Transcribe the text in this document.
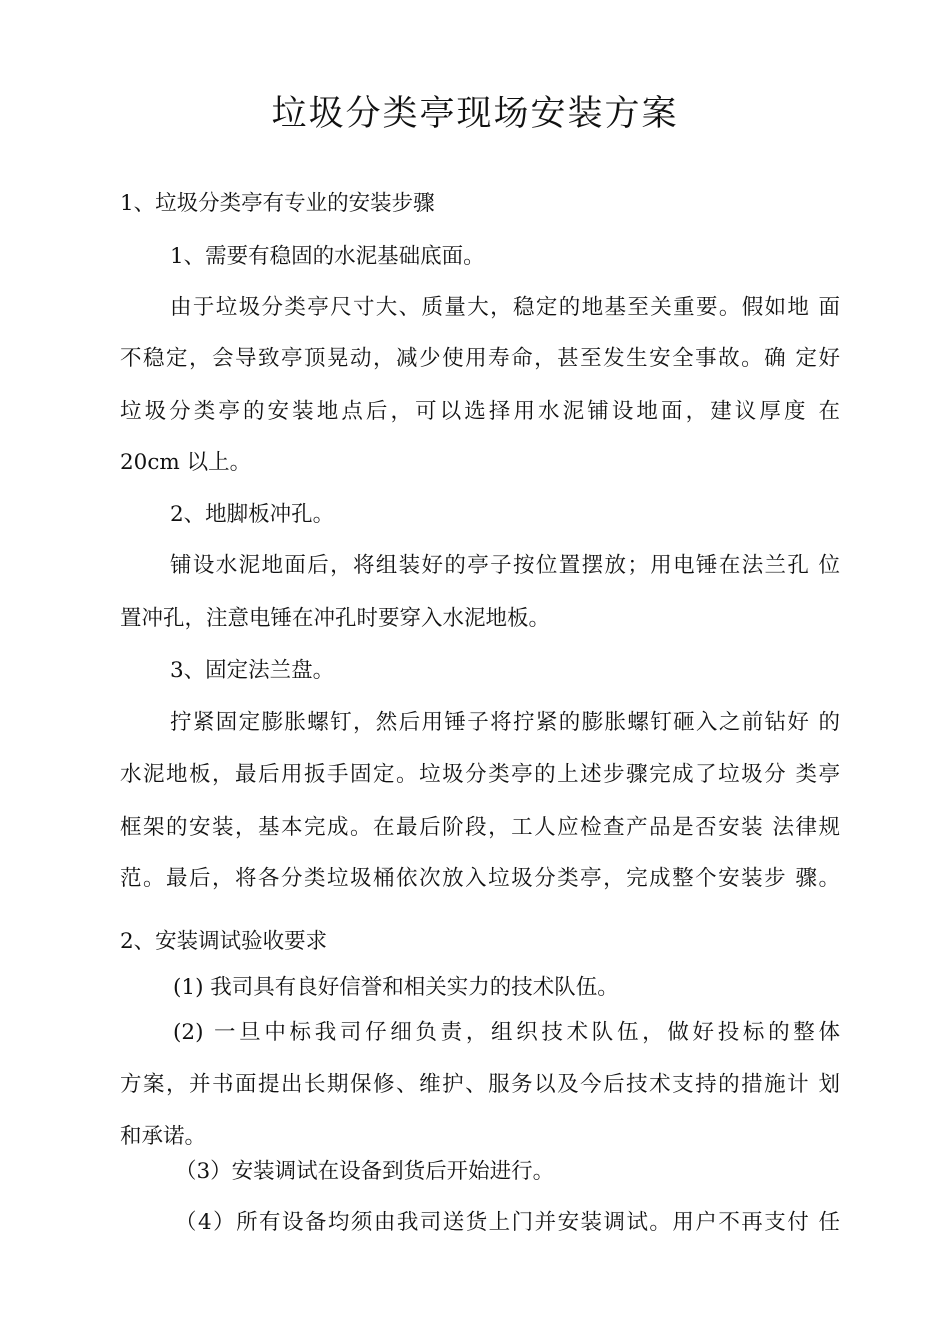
垃圾分类亭现场安装方案
1、垃圾分类亭有专业的安装步骤
1、需要有稳固的水泥基础底面。
由于垃圾分类亭尺寸大、质量大，稳定的地基至关重要。假如地 面
不稳定，会导致亭顶晃动，减少使用寿命，甚至发生安全事故。确 定好
垃圾分类亭的安装地点后，可以选择用水泥铺设地面，建议厚度 在
20cm 以上。
2、地脚板冲孔。
铺设水泥地面后，将组装好的亭子按位置摆放；用电锤在法兰孔 位
置冲孔，注意电锤在冲孔时要穿入水泥地板。
3、固定法兰盘。
拧紧固定膨胀螺钉，然后用锤子将拧紧的膨胀螺钉砸入之前钻好 的
水泥地板，最后用扳手固定。垃圾分类亭的上述步骤完成了垃圾分 类亭
框架的安装，基本完成。在最后阶段，工人应检查产品是否安装 法律规
范。最后，将各分类垃圾桶依次放入垃圾分类亭，完成整个安装步 骤。
2、安装调试验收要求
(1) 我司具有良好信誉和相关实力的技术队伍。
(2) 一旦中标我司仔细负责，组织技术队伍，做好投标的整体
方案，并书面提出长期保修、维护、服务以及今后技术支持的措施计 划
和承诺。
（3）安装调试在设备到货后开始进行。
（4）所有设备均须由我司送货上门并安装调试。用户不再支付 任
